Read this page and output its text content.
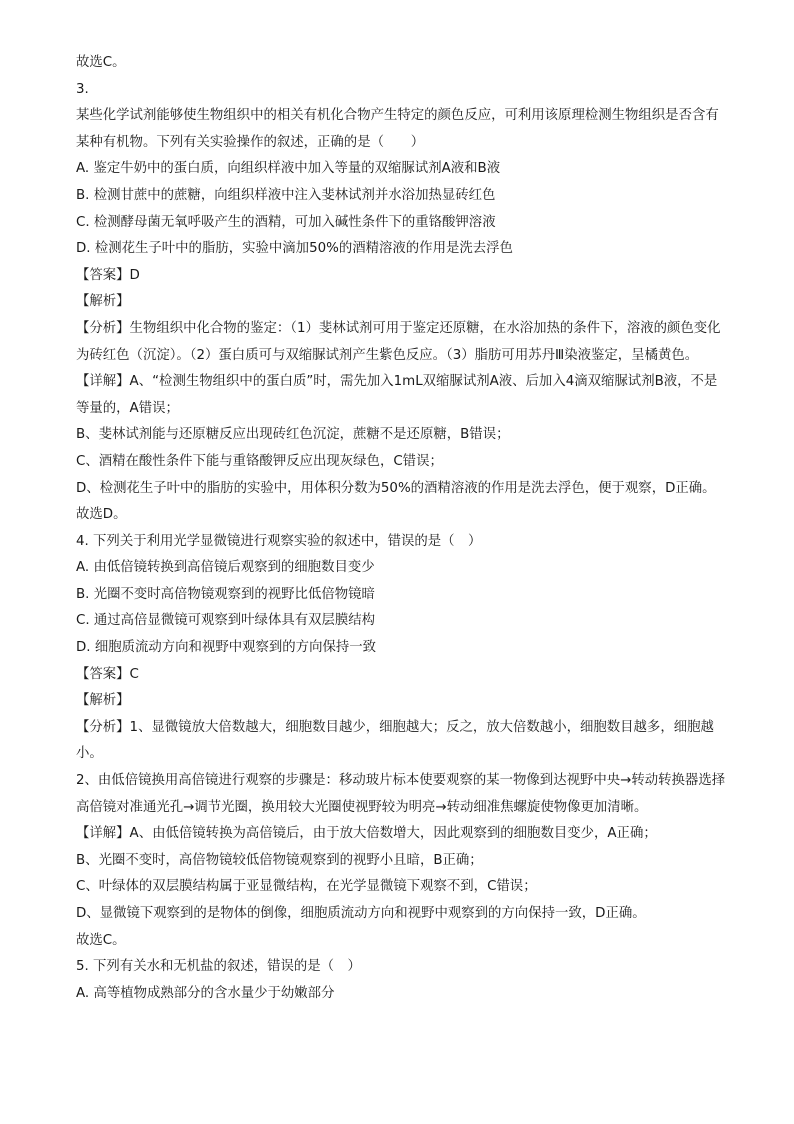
故选C。

3.

某些化学试剂能够使生物组织中的相关有机化合物产生特定的颜色反应，可利用该原理检测生物组织是否含有某种有机物。下列有关实验操作的叙述，正确的是（　　）

A. 鉴定牛奶中的蛋白质，向组织样液中加入等量的双缩脲试剂A液和B液

B. 检测甘蔗中的蔗糖，向组织样液中注入斐林试剂并水浴加热显砖红色

C. 检测酵母菌无氧呼吸产生的酒精，可加入碱性条件下的重铬酸钾溶液

D. 检测花生子叶中的脂肪，实验中滴加50%的酒精溶液的作用是洗去浮色

【答案】D

【解析】

【分析】生物组织中化合物的鉴定：（1）斐林试剂可用于鉴定还原糖，在水浴加热的条件下，溶液的颜色变化为砖红色（沉淀）。（2）蛋白质可与双缩脲试剂产生紫色反应。（3）脂肪可用苏丹Ⅲ染液鉴定，呈橘黄色。

【详解】A、“检测生物组织中的蛋白质”时，需先加入1mL双缩脲试剂A液、后加入4滴双缩脲试剂B液，不是等量的，A错误；

B、斐林试剂能与还原糖反应出现砖红色沉淀，蔗糖不是还原糖，B错误；

C、酒精在酸性条件下能与重铬酸钾反应出现灰绿色，C错误；

D、检测花生子叶中的脂肪的实验中，用体积分数为50%的酒精溶液的作用是洗去浮色，便于观察，D正确。

故选D。

4. 下列关于利用光学显微镜进行观察实验的叙述中，错误的是（　）

A. 由低倍镜转换到高倍镜后观察到的细胞数目变少

B. 光圈不变时高倍物镜观察到的视野比低倍物镜暗

C. 通过高倍显微镜可观察到叶绿体具有双层膜结构

D. 细胞质流动方向和视野中观察到的方向保持一致

【答案】C

【解析】

【分析】1、显微镜放大倍数越大，细胞数目越少，细胞越大；反之，放大倍数越小，细胞数目越多，细胞越小。

2、由低倍镜换用高倍镜进行观察的步骤是：移动玻片标本使要观察的某一物像到达视野中央→转动转换器选择高倍镜对准通光孔→调节光圈，换用较大光圈使视野较为明亮→转动细准焦螺旋使物像更加清晰。

【详解】A、由低倍镜转换为高倍镜后，由于放大倍数增大，因此观察到的细胞数目变少，A正确；

B、光圈不变时，高倍物镜较低倍物镜观察到的视野小且暗，B正确；

C、叶绿体的双层膜结构属于亚显微结构，在光学显微镜下观察不到，C错误；

D、显微镜下观察到的是物体的倒像，细胞质流动方向和视野中观察到的方向保持一致，D正确。

故选C。

5. 下列有关水和无机盐的叙述，错误的是（　）

A. 高等植物成熟部分的含水量少于幼嫩部分
